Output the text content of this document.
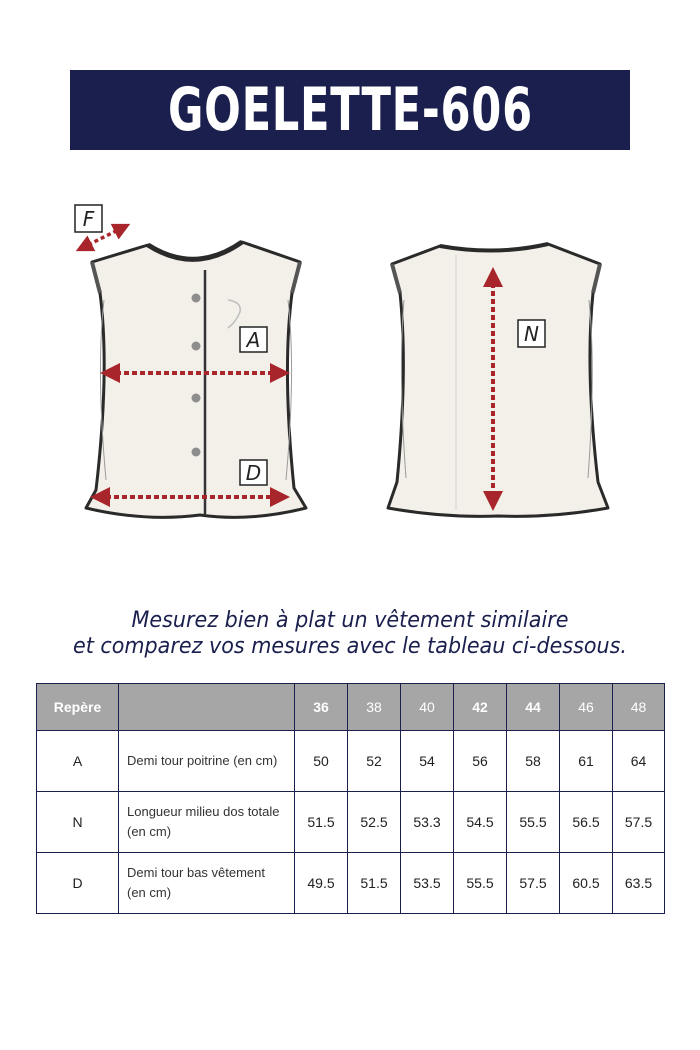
GOELETTE-606
F
A
D
N
Mesurez bien à plat un vêtement similaire
et comparez vos mesures avec le tableau ci-dessous.
Repère		36	38	40	42	44	46	48
A	Demi tour poitrine (en cm)	50	52	54	56	58	61	64
N	Longueur milieu dos totale (en cm)	51.5	52.5	53.3	54.5	55.5	56.5	57.5
D	Demi tour bas vêtement (en cm)	49.5	51.5	53.5	55.5	57.5	60.5	63.5
